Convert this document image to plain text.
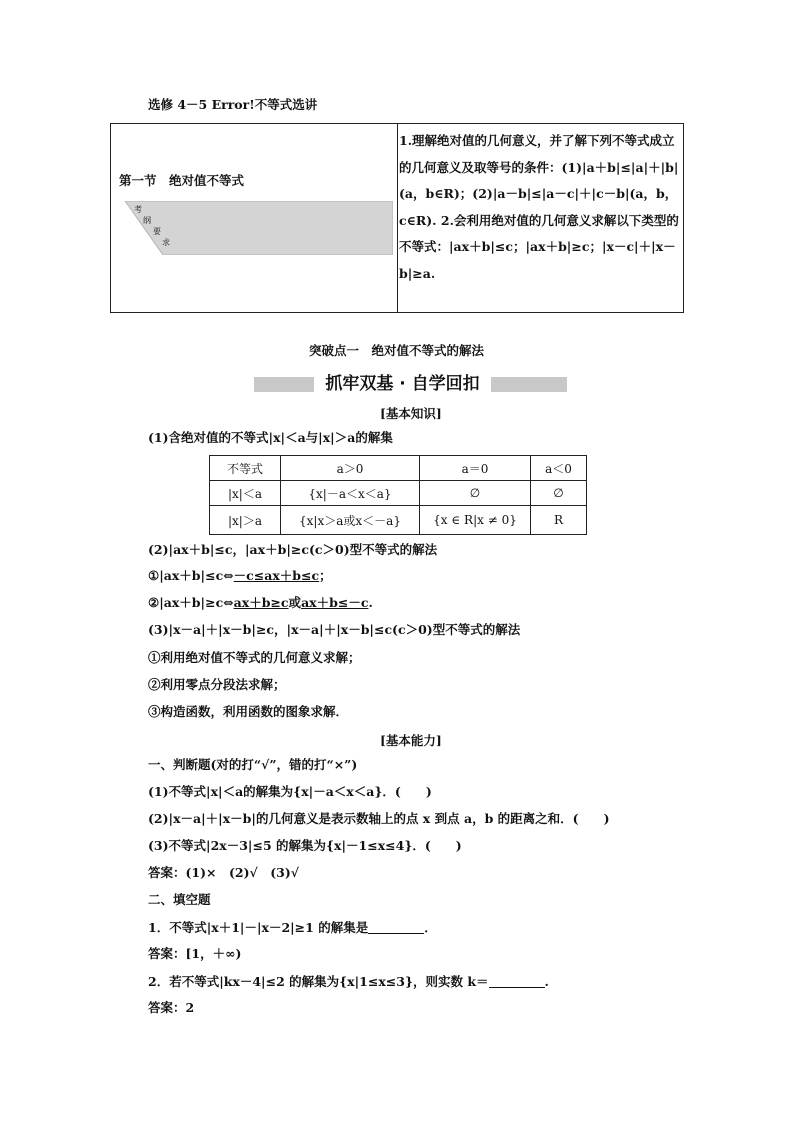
选修 4－5 Error!不等式选讲
第一节　绝对值不等式
考
纲
要
求
1.理解绝对值的几何意义，并了解下列不等式成立的几何意义及取等号的条件：(1)|a＋b|≤|a|＋|b|(a，b∈R)；(2)|a－b|≤|a－c|＋|c－b|(a，b，c∈R). 2.会利用绝对值的几何意义求解以下类型的不等式：|ax＋b|≤c；|ax＋b|≥c；|x－c|＋|x－b|≥a.
突破点一　绝对值不等式的解法
抓牢双基 · 自学回扣
[基本知识]
(1)含绝对值的不等式|x|＜a与|x|＞a的解集
不等式	a＞0	a＝0	a＜0
|x|＜a	{x|－a＜x＜a}	∅	∅
|x|＞a	{x|x＞a或x＜－a}	{x ∈ R|x ≠ 0}	R
(2)|ax＋b|≤c，|ax＋b|≥c(c＞0)型不等式的解法
①|ax＋b|≤c⇔－c≤ax＋b≤c；
②|ax＋b|≥c⇔ax＋b≥c或ax＋b≤－c.
(3)|x－a|＋|x－b|≥c，|x－a|＋|x－b|≤c(c＞0)型不等式的解法
①利用绝对值不等式的几何意义求解；
②利用零点分段法求解；
③构造函数，利用函数的图象求解．
[基本能力]
一、判断题(对的打“√”，错的打“×”)
(1)不等式|x|＜a的解集为{x|－a＜x＜a}．(　　)
(2)|x－a|＋|x－b|的几何意义是表示数轴上的点 x 到点 a，b 的距离之和．(　　)
(3)不等式|2x－3|≤5 的解集为{x|－1≤x≤4}．(　　)
答案：(1)×　(2)√　(3)√
二、填空题
1．不等式|x＋1|－|x－2|≥1 的解集是	．
答案：[1，＋∞)
2．若不等式|kx－4|≤2 的解集为{x|1≤x≤3}，则实数 k＝	.
答案：2
